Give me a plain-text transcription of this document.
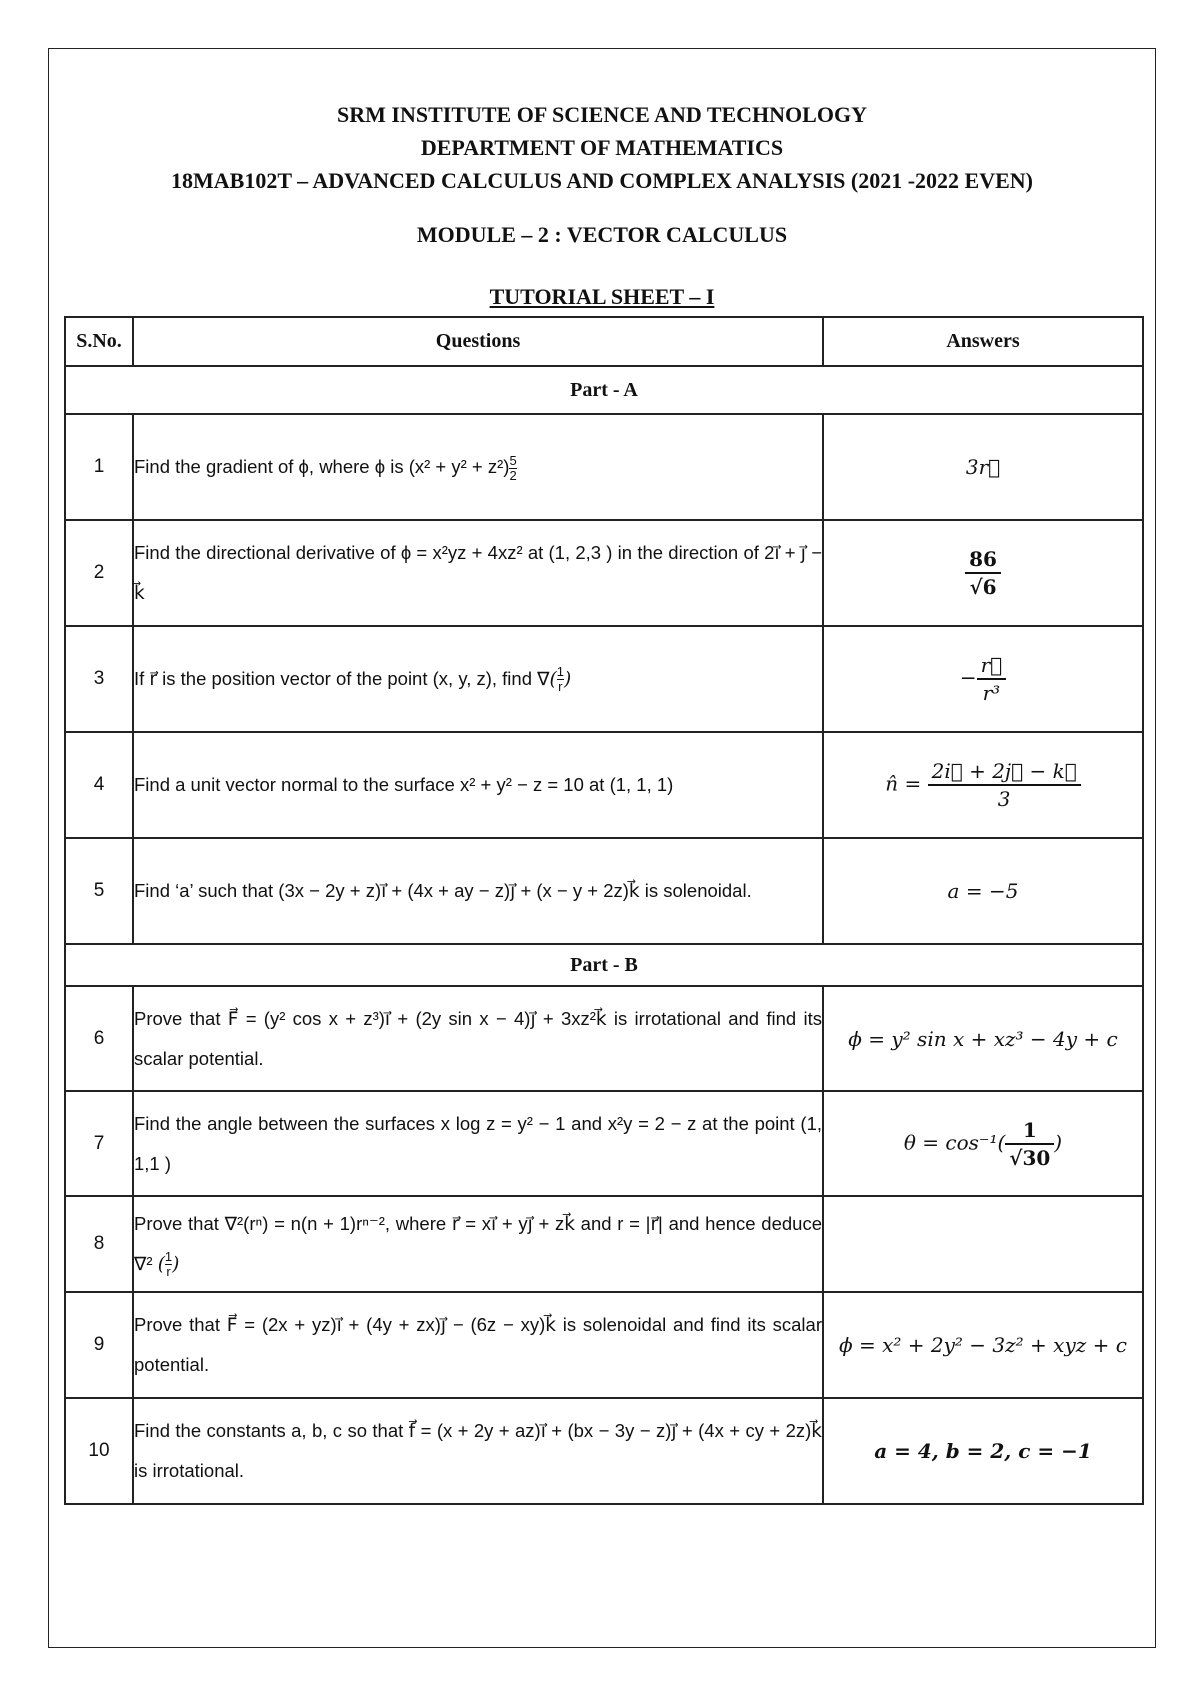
SRM INSTITUTE OF SCIENCE AND TECHNOLOGY
DEPARTMENT OF MATHEMATICS
18MAB102T – ADVANCED CALCULUS AND COMPLEX ANALYSIS (2021 -2022 EVEN)
MODULE – 2 : VECTOR CALCULUS
TUTORIAL SHEET – I
S.No.	Questions	Answers
Part - A		
1	Find the gradient of ϕ, where ϕ is $(x^2 + y^2 + z^2) \frac{5}{2}$	3r⃗
2	Find the directional derivative of ϕ = x²yz + 4xz² at (1, 2,3 ) in the direction of 2i⃗ + j⃗ − k⃗	$\frac{86}{√6}$

3	If r⃗ is the position vector of the point (x, y, z), find ∇( $\frac{1}{r}$ )	− $\frac{r⃗}{\text{r³}}$

4	Find a unit vector normal to the surface x² + y² − z = 10 at (1, 1, 1)	n̂ = $\frac{2i⃗ + 2j⃗ - k⃗}{3}$

5	Find ‘a’ such that (3x − 2y + z)i⃗ + (4x + ay − z)j⃗ + (x − y + 2z)k⃗ is solenoidal.	a = −5
Part - B		
6	Prove that F⃗ = (y² cos x + z³)i⃗ + (2y sin x − 4)j⃗ + 3xz²k⃗ is irrotational and find its scalar potential.	ϕ = y² sin x + xz³ − 4y + c
7	Find the angle between the surfaces x log z = y² − 1 and x²y = 2 − z at the point (1, 1,1 )	$\theta = \cos^{-1}( \frac{1}{√30}$ )
8	Prove that ∇²(rⁿ) = n(n + 1)rⁿ⁻², where r⃗ = xi⃗ + yj⃗ + zk⃗ and r = |r⃗| and hence deduce ∇² ( $\frac{1}{r}$ )	
9	Prove that F⃗ = (2x + yz)i⃗ + (4y + zx)j⃗ − (6z − xy)k⃗ is solenoidal and find its scalar potential.	ϕ = x² + 2y² − 3z² + xyz + c
10	Find the constants a, b, c so that f⃗ = (x + 2y + az)i⃗ + (bx − 3y − z)j⃗ + (4x + cy + 2z)k⃗ is irrotational.	a = 4, b = 2, c = −1
